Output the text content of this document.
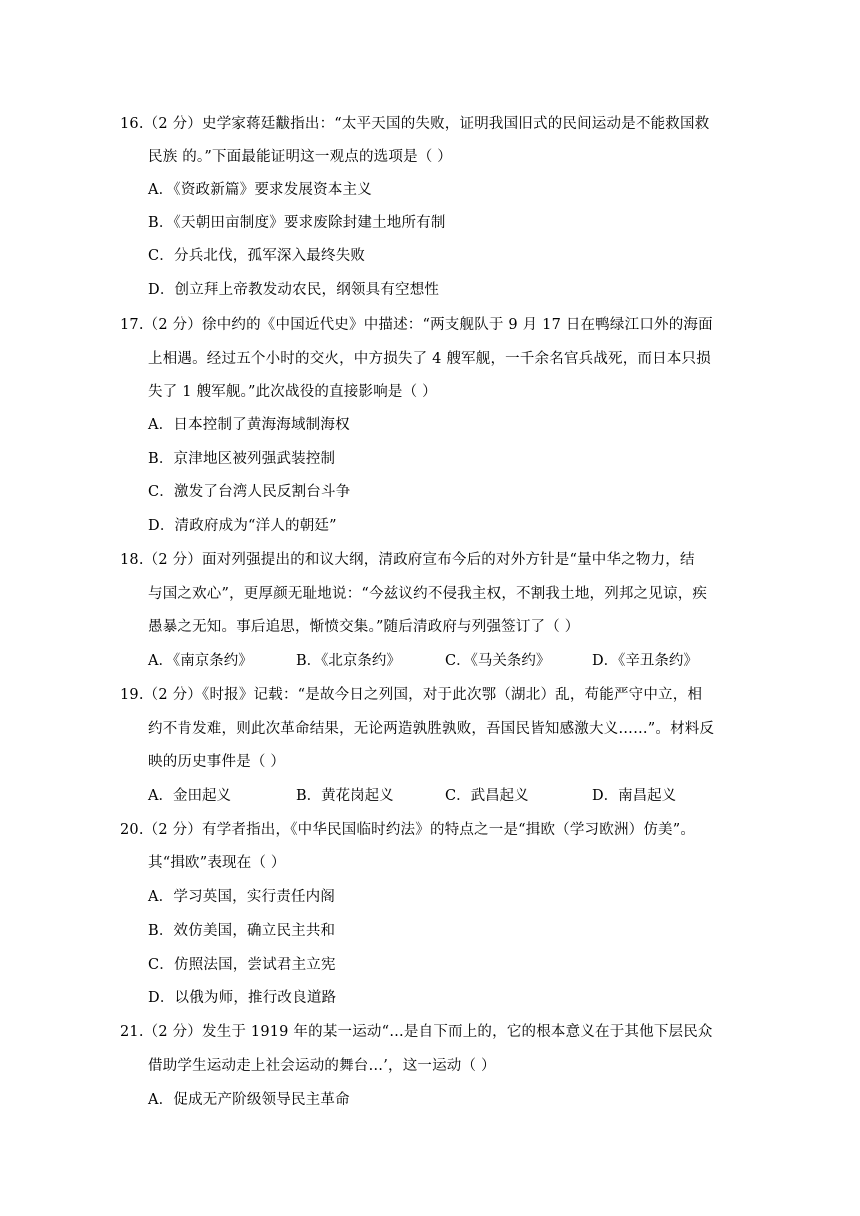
16.（2 分）史学家蒋廷黻指出：“太平天国的失败，证明我国旧式的民间运动是不能救国救
民族 的。”下面最能证明这一观点的选项是（ ）
A．《资政新篇》要求发展资本主义
B．《天朝田亩制度》要求废除封建土地所有制
C．分兵北伐，孤军深入最终失败
D．创立拜上帝教发动农民，纲领具有空想性
17.（2 分）徐中约的《中国近代史》中描述：“两支舰队于 9 月 17 日在鸭绿江口外的海面
上相遇。经过五个小时的交火，中方损失了 4 艘军舰，一千余名官兵战死，而日本只损
失了 1 艘军舰。”此次战役的直接影响是（ ）
A．日本控制了黄海海域制海权
B．京津地区被列强武装控制
C．激发了台湾人民反割台斗争
D．清政府成为“洋人的朝廷”
18.（2 分）面对列强提出的和议大纲，清政府宣布今后的对外方针是“量中华之物力，结
与国之欢心”，更厚颜无耻地说：“今兹议约不侵我主权，不割我土地，列邦之见谅，疾
愚暴之无知。事后追思，惭愤交集。”随后清政府与列强签订了（ ）
A．《南京条约》	B．《北京条约》	C．《马关条约》	D．《辛丑条约》
19.（2 分）《时报》记载：“是故今日之列国，对于此次鄂（湖北）乱，苟能严守中立，相
约不肯发难，则此次革命结果，无论两造孰胜孰败，吾国民皆知感激大义……”。材料反
映的历史事件是（ ）
A．金田起义	B．黄花岗起义	C．武昌起义	D．南昌起义
20.（2 分）有学者指出，《中华民国临时约法》的特点之一是“揖欧（学习欧洲）仿美”。
其“揖欧”表现在（ ）
A．学习英国，实行责任内阁
B．效仿美国，确立民主共和
C．仿照法国，尝试君主立宪
D．以俄为师，推行改良道路
21.（2 分）发生于 1919 年的某一运动“…是自下而上的，它的根本意义在于其他下层民众
借助学生运动走上社会运动的舞台…’，这一运动（ ）
A．促成无产阶级领导民主革命
